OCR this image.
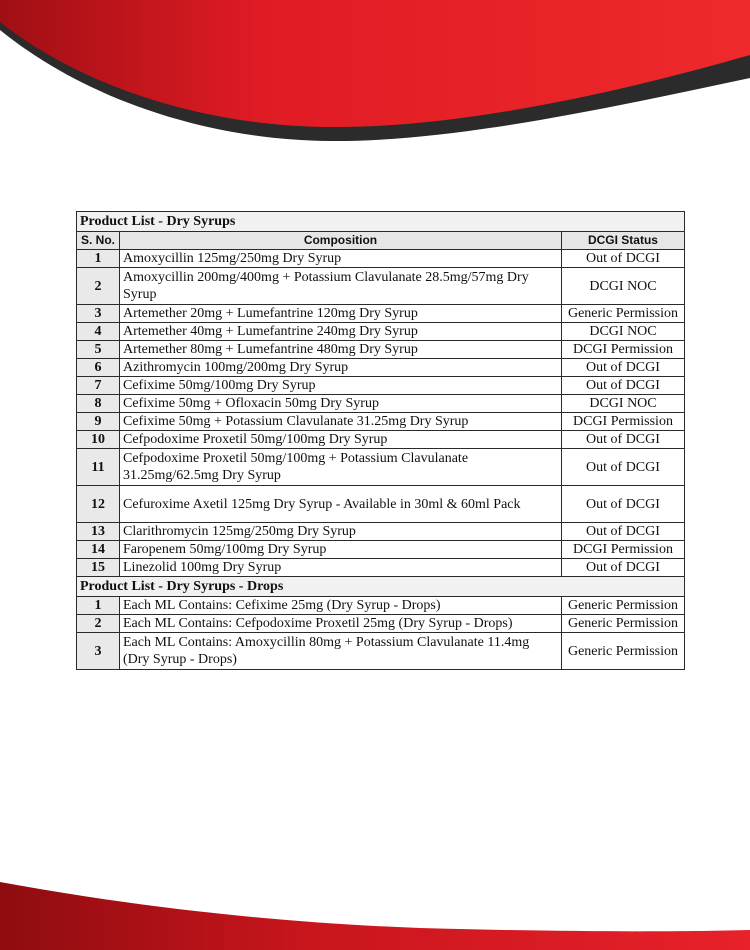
Product List - Dry Syrups		
S. No.	Composition	DCGI Status
1	Amoxycillin 125mg/250mg Dry Syrup	Out of DCGI
2	Amoxycillin 200mg/400mg + Potassium Clavulanate 28.5mg/57mg Dry Syrup	DCGI NOC
3	Artemether 20mg + Lumefantrine 120mg Dry Syrup	Generic Permission
4	Artemether 40mg + Lumefantrine 240mg Dry Syrup	DCGI NOC
5	Artemether 80mg + Lumefantrine 480mg Dry Syrup	DCGI Permission
6	Azithromycin 100mg/200mg Dry Syrup	Out of DCGI
7	Cefixime 50mg/100mg Dry Syrup	Out of DCGI
8	Cefixime 50mg + Ofloxacin 50mg Dry Syrup	DCGI NOC
9	Cefixime 50mg + Potassium Clavulanate 31.25mg Dry Syrup	DCGI Permission
10	Cefpodoxime Proxetil 50mg/100mg Dry Syrup	Out of DCGI
11	Cefpodoxime Proxetil 50mg/100mg + Potassium Clavulanate 31.25mg/62.5mg Dry Syrup	Out of DCGI
12	Cefuroxime Axetil 125mg Dry Syrup - Available in 30ml & 60ml Pack	Out of DCGI
13	Clarithromycin 125mg/250mg Dry Syrup	Out of DCGI
14	Faropenem 50mg/100mg Dry Syrup	DCGI Permission
15	Linezolid 100mg Dry Syrup	Out of DCGI
Product List - Dry Syrups - Drops		
1	Each ML Contains: Cefixime 25mg (Dry Syrup - Drops)	Generic Permission
2	Each ML Contains: Cefpodoxime Proxetil 25mg (Dry Syrup - Drops)	Generic Permission
3	Each ML Contains: Amoxycillin 80mg + Potassium Clavulanate 11.4mg (Dry Syrup - Drops)	Generic Permission
